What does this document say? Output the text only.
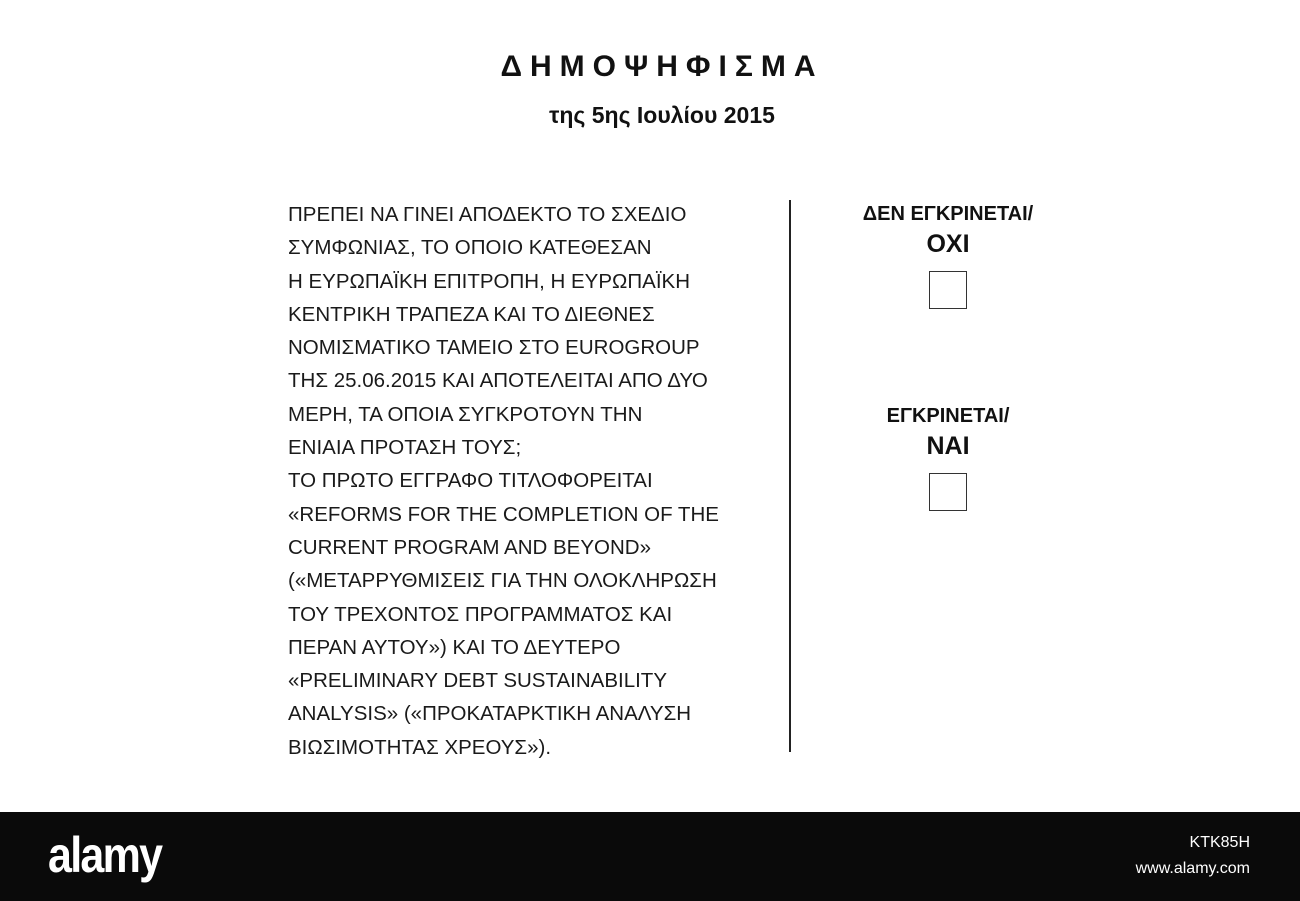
ΔΗΜΟΨΗΦΙΣΜΑ
της 5ης Ιουλίου 2015
ΠΡΕΠΕΙ ΝΑ ΓΙΝΕΙ ΑΠΟΔΕΚΤΟ ΤΟ ΣΧΕΔΙΟ
ΣΥΜΦΩΝΙΑΣ, ΤΟ ΟΠΟΙΟ ΚΑΤΕΘΕΣΑΝ
Η ΕΥΡΩΠΑΪΚΗ ΕΠΙΤΡΟΠΗ, Η ΕΥΡΩΠΑΪΚΗ
ΚΕΝΤΡΙΚΗ ΤΡΑΠΕΖΑ ΚΑΙ ΤΟ ΔΙΕΘΝΕΣ
ΝΟΜΙΣΜΑΤΙΚΟ ΤΑΜΕΙΟ ΣΤΟ EUROGROUP
ΤΗΣ 25.06.2015 ΚΑΙ ΑΠΟΤΕΛΕΙΤΑΙ ΑΠΟ ΔΥΟ
ΜΕΡΗ, ΤΑ ΟΠΟΙΑ ΣΥΓΚΡΟΤΟΥΝ ΤΗΝ
ΕΝΙΑΙΑ ΠΡΟΤΑΣΗ ΤΟΥΣ;
ΤΟ ΠΡΩΤΟ ΕΓΓΡΑΦΟ ΤΙΤΛΟΦΟΡΕΙΤΑΙ
«REFORMS FOR THE COMPLETION OF THE
CURRENT PROGRAM AND BEYOND»
(«ΜΕΤΑΡΡΥΘΜΙΣΕΙΣ ΓΙΑ ΤΗΝ ΟΛΟΚΛΗΡΩΣΗ
ΤΟΥ ΤΡΕΧΟΝΤΟΣ ΠΡΟΓΡΑΜΜΑΤΟΣ ΚΑΙ
ΠΕΡΑΝ ΑΥΤΟΥ») ΚΑΙ ΤΟ ΔΕΥΤΕΡΟ
«PRELIMINARY DEBT SUSTAINABILITY
ANALYSIS» («ΠΡΟΚΑΤΑΡΚΤΙΚΗ ΑΝΑΛΥΣΗ
ΒΙΩΣΙΜΟΤΗΤΑΣ ΧΡΕΟΥΣ»).
ΔΕΝ ΕΓΚΡΙΝΕΤΑΙ/
ΟΧΙ
ΕΓΚΡΙΝΕΤΑΙ/
ΝΑΙ
alamy	KTK85H
www.alamy.com
